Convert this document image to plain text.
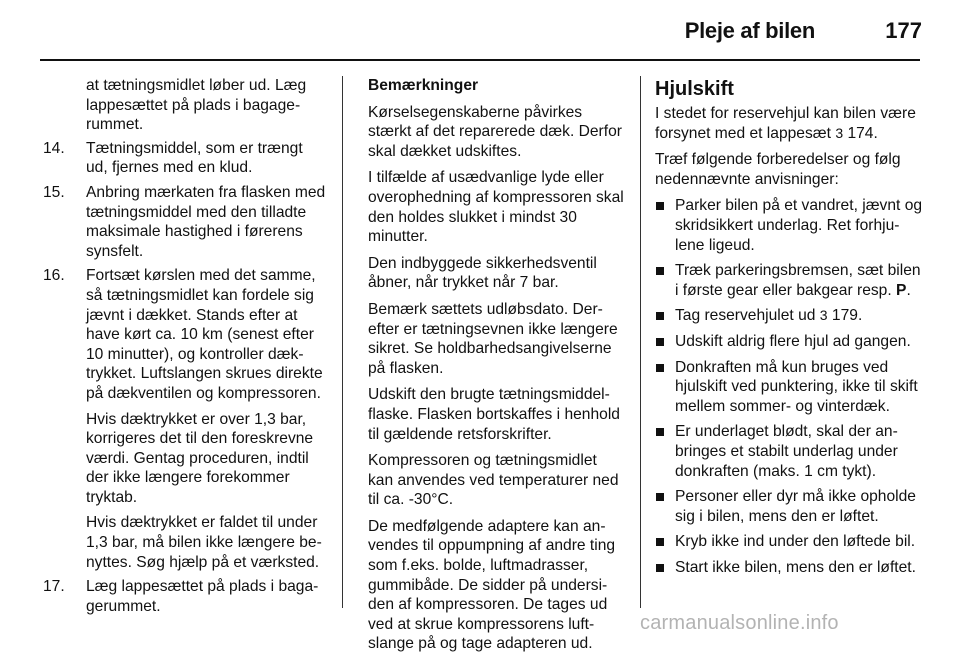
Pleje af bilen	177

at tætningsmidlet løber ud. Læg lappesættet på plads i bagagerummet.

14. Tætningsmiddel, som er trængt ud, fjernes med en klud.
15. Anbring mærkaten fra flasken med tætningsmiddel med den tilladte maksimale hastighed i førerens synsfelt.
16. Fortsæt kørslen med det samme, så tætningsmidlet kan fordele sig jævnt i dækket. Stands efter at have kørt ca. 10 km (senest efter 10 minutter), og kontroller dæktrykket. Luftslangen skrues direkte på dækventilen og kompressoren.

Hvis dæktrykket er over 1,3 bar, korrigeres det til den foreskrevne værdi. Gentag proceduren, indtil der ikke længere forekommer tryktab.

Hvis dæktrykket er faldet til under 1,3 bar, må bilen ikke længere benyttes. Søg hjælp på et værksted.

17. Læg lappesættet på plads i bagagerummet.

Bemærkninger

Kørselsegenskaberne påvirkes stærkt af det reparerede dæk. Derfor skal dækket udskiftes.

I tilfælde af usædvanlige lyde eller overophedning af kompressoren skal den holdes slukket i mindst 30 minutter.

Den indbyggede sikkerhedsventil åbner, når trykket når 7 bar.

Bemærk sættets udløbsdato. Derefter er tætningsevnen ikke længere sikret. Se holdbarhedsangivelserne på flasken.

Udskift den brugte tætningsmiddelflaske. Flasken bortskaffes i henhold til gældende retsforskrifter.

Kompressoren og tætningsmidlet kan anvendes ved temperaturer ned til ca. -30°C.

De medfølgende adaptere kan anvendes til oppumpning af andre ting som f.eks. bolde, luftmadrasser, gummibåde. De sidder på undersiden af kompressoren. De tages ud ved at skrue kompressorens luftslange på og tage adapteren ud.

Hjulskift

I stedet for reservehjul kan bilen være forsynet med et lappesæt 3 174.

Træf følgende forberedelser og følg nedennævnte anvisninger:

Parker bilen på et vandret, jævnt og skridsikkert underlag. Ret forhjulene ligeud.
Træk parkeringsbremsen, sæt bilen i første gear eller bakgear resp. P.
Tag reservehjulet ud 3 179.
Udskift aldrig flere hjul ad gangen.
Donkraften må kun bruges ved hjulskift ved punktering, ikke til skift mellem sommer- og vinterdæk.
Er underlaget blødt, skal der anbringes et stabilt underlag under donkraften (maks. 1 cm tykt).
Personer eller dyr må ikke opholde sig i bilen, mens den er løftet.
Kryb ikke ind under den løftede bil.
Start ikke bilen, mens den er løftet.
carmanualsonline.info
